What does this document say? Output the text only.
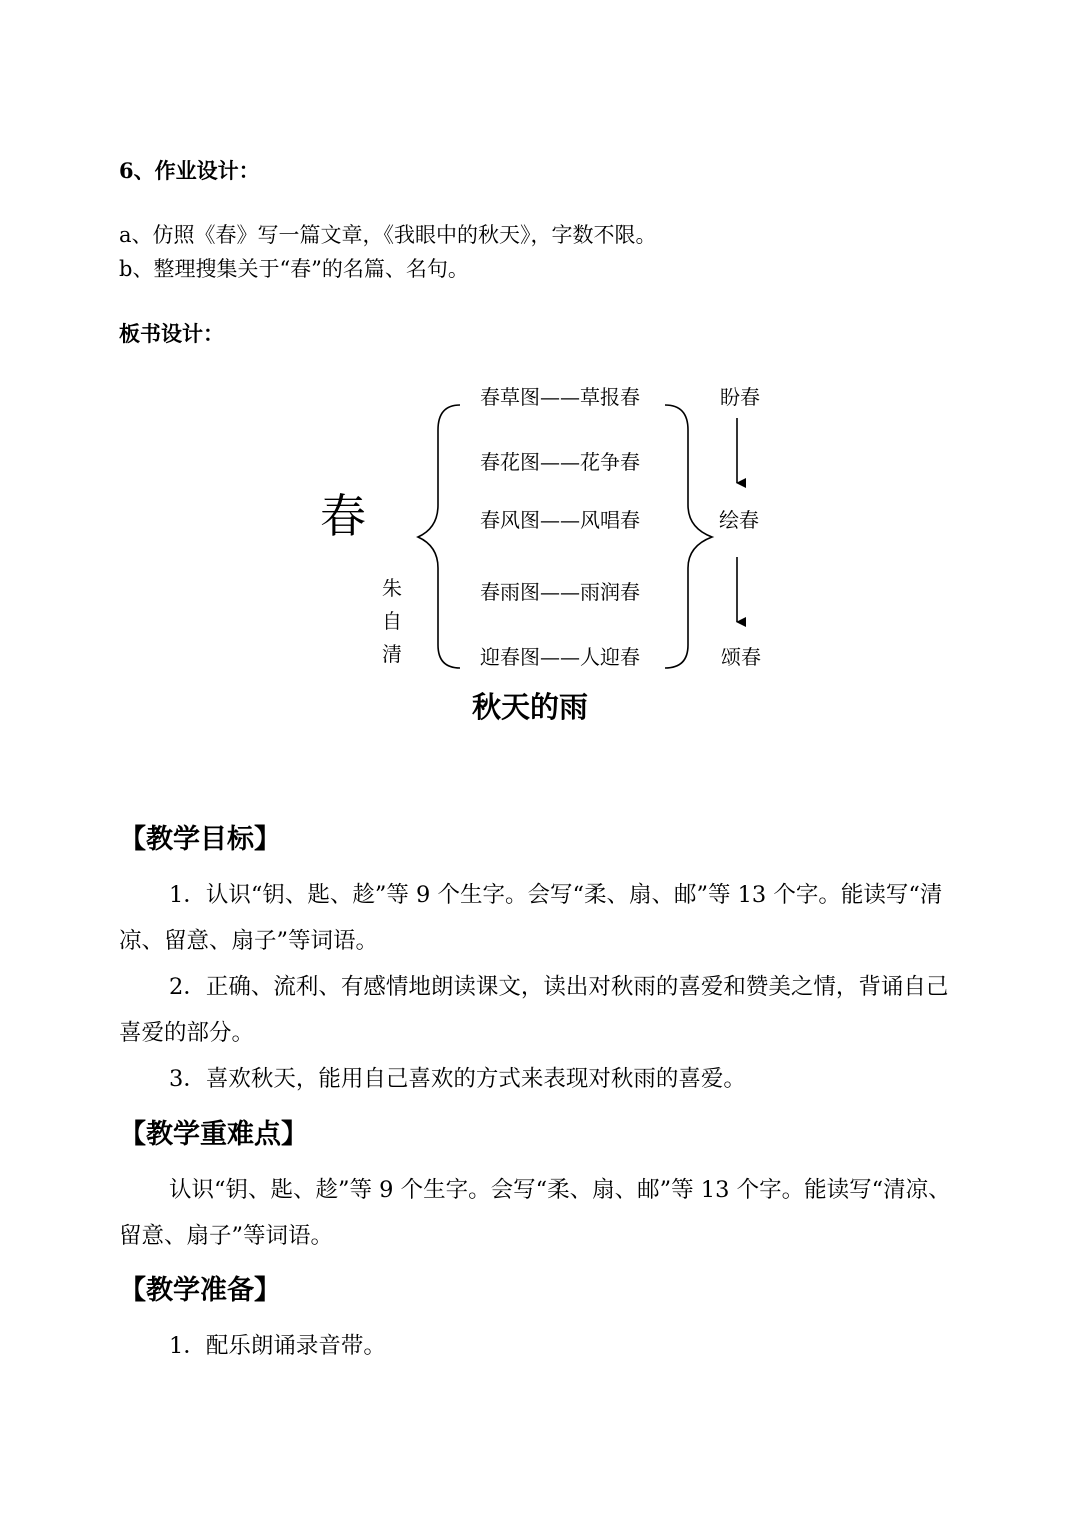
6、作业设计：
a、仿照《春》写一篇文章，《我眼中的秋天》，字数不限。
b、整理搜集关于“春”的名篇、名句。
板书设计：
春
朱
自
清
春草图——草报春
春花图——花争春
春风图——风唱春
春雨图——雨润春
迎春图——人迎春
盼春
绘春
颂春
秋天的雨
【教学目标】
1．认识“钥、匙、趁”等 9 个生字。会写“柔、扇、邮”等 13 个字。能读写“清凉、留意、扇子”等词语。
2．正确、流利、有感情地朗读课文，读出对秋雨的喜爱和赞美之情，背诵自己喜爱的部分。
3．喜欢秋天，能用自己喜欢的方式来表现对秋雨的喜爱。
【教学重难点】
认识“钥、匙、趁”等 9 个生字。会写“柔、扇、邮”等 13 个字。能读写“清凉、留意、扇子”等词语。
【教学准备】
1．配乐朗诵录音带。
